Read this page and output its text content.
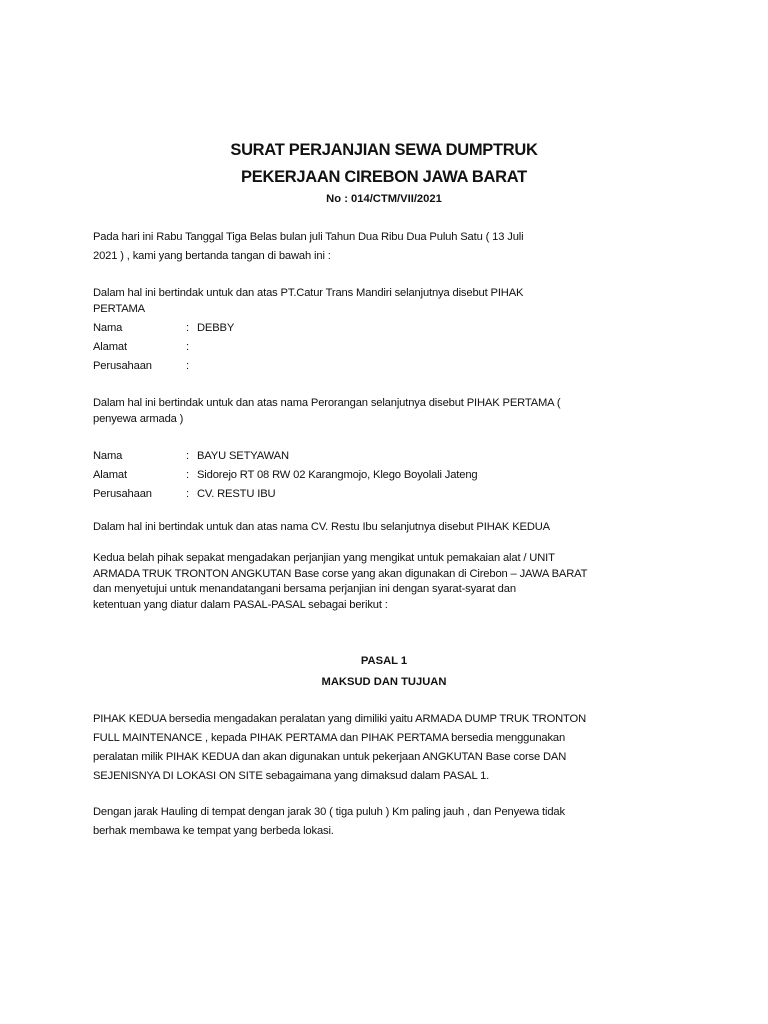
SURAT PERJANJIAN SEWA DUMPTRUK
PEKERJAAN CIREBON JAWA BARAT

No : 014/CTM/VII/2021

Pada hari ini Rabu Tanggal Tiga Belas bulan juli Tahun Dua Ribu Dua Puluh Satu ( 13 Juli
2021 ) , kami yang bertanda tangan di bawah ini :
Dalam hal ini bertindak untuk dan atas PT.Catur Trans Mandiri selanjutnya disebut PIHAK
PERTAMA
Nama	: DEBBY
Alamat	:
Perusahaan	:
Dalam hal ini bertindak untuk dan atas nama Perorangan selanjutnya disebut PIHAK PERTAMA (
penyewa armada )
Nama	: BAYU SETYAWAN
Alamat	: Sidorejo RT 08 RW 02 Karangmojo, Klego Boyolali Jateng
Perusahaan	: CV. RESTU IBU

Dalam hal ini bertindak untuk dan atas nama CV. Restu Ibu selanjutnya disebut PIHAK KEDUA

Kedua belah pihak sepakat mengadakan perjanjian yang mengikat untuk pemakaian alat / UNIT
ARMADA TRUK TRONTON ANGKUTAN Base corse yang akan digunakan di Cirebon – JAWA BARAT
dan menyetujui untuk menandatangani bersama perjanjian ini dengan syarat-syarat dan
ketentuan yang diatur dalam PASAL-PASAL sebagai berikut :

PASAL 1

MAKSUD DAN TUJUAN

PIHAK KEDUA bersedia mengadakan peralatan yang dimiliki yaitu ARMADA DUMP TRUK TRONTON
FULL MAINTENANCE , kepada PIHAK PERTAMA dan PIHAK PERTAMA bersedia menggunakan
peralatan milik PIHAK KEDUA dan akan digunakan untuk pekerjaan ANGKUTAN Base corse DAN
SEJENISNYA DI LOKASI ON SITE sebagaimana yang dimaksud dalam PASAL 1.
Dengan jarak Hauling di tempat dengan jarak 30 ( tiga puluh ) Km paling jauh , dan Penyewa tidak
berhak membawa ke tempat yang berbeda lokasi.
